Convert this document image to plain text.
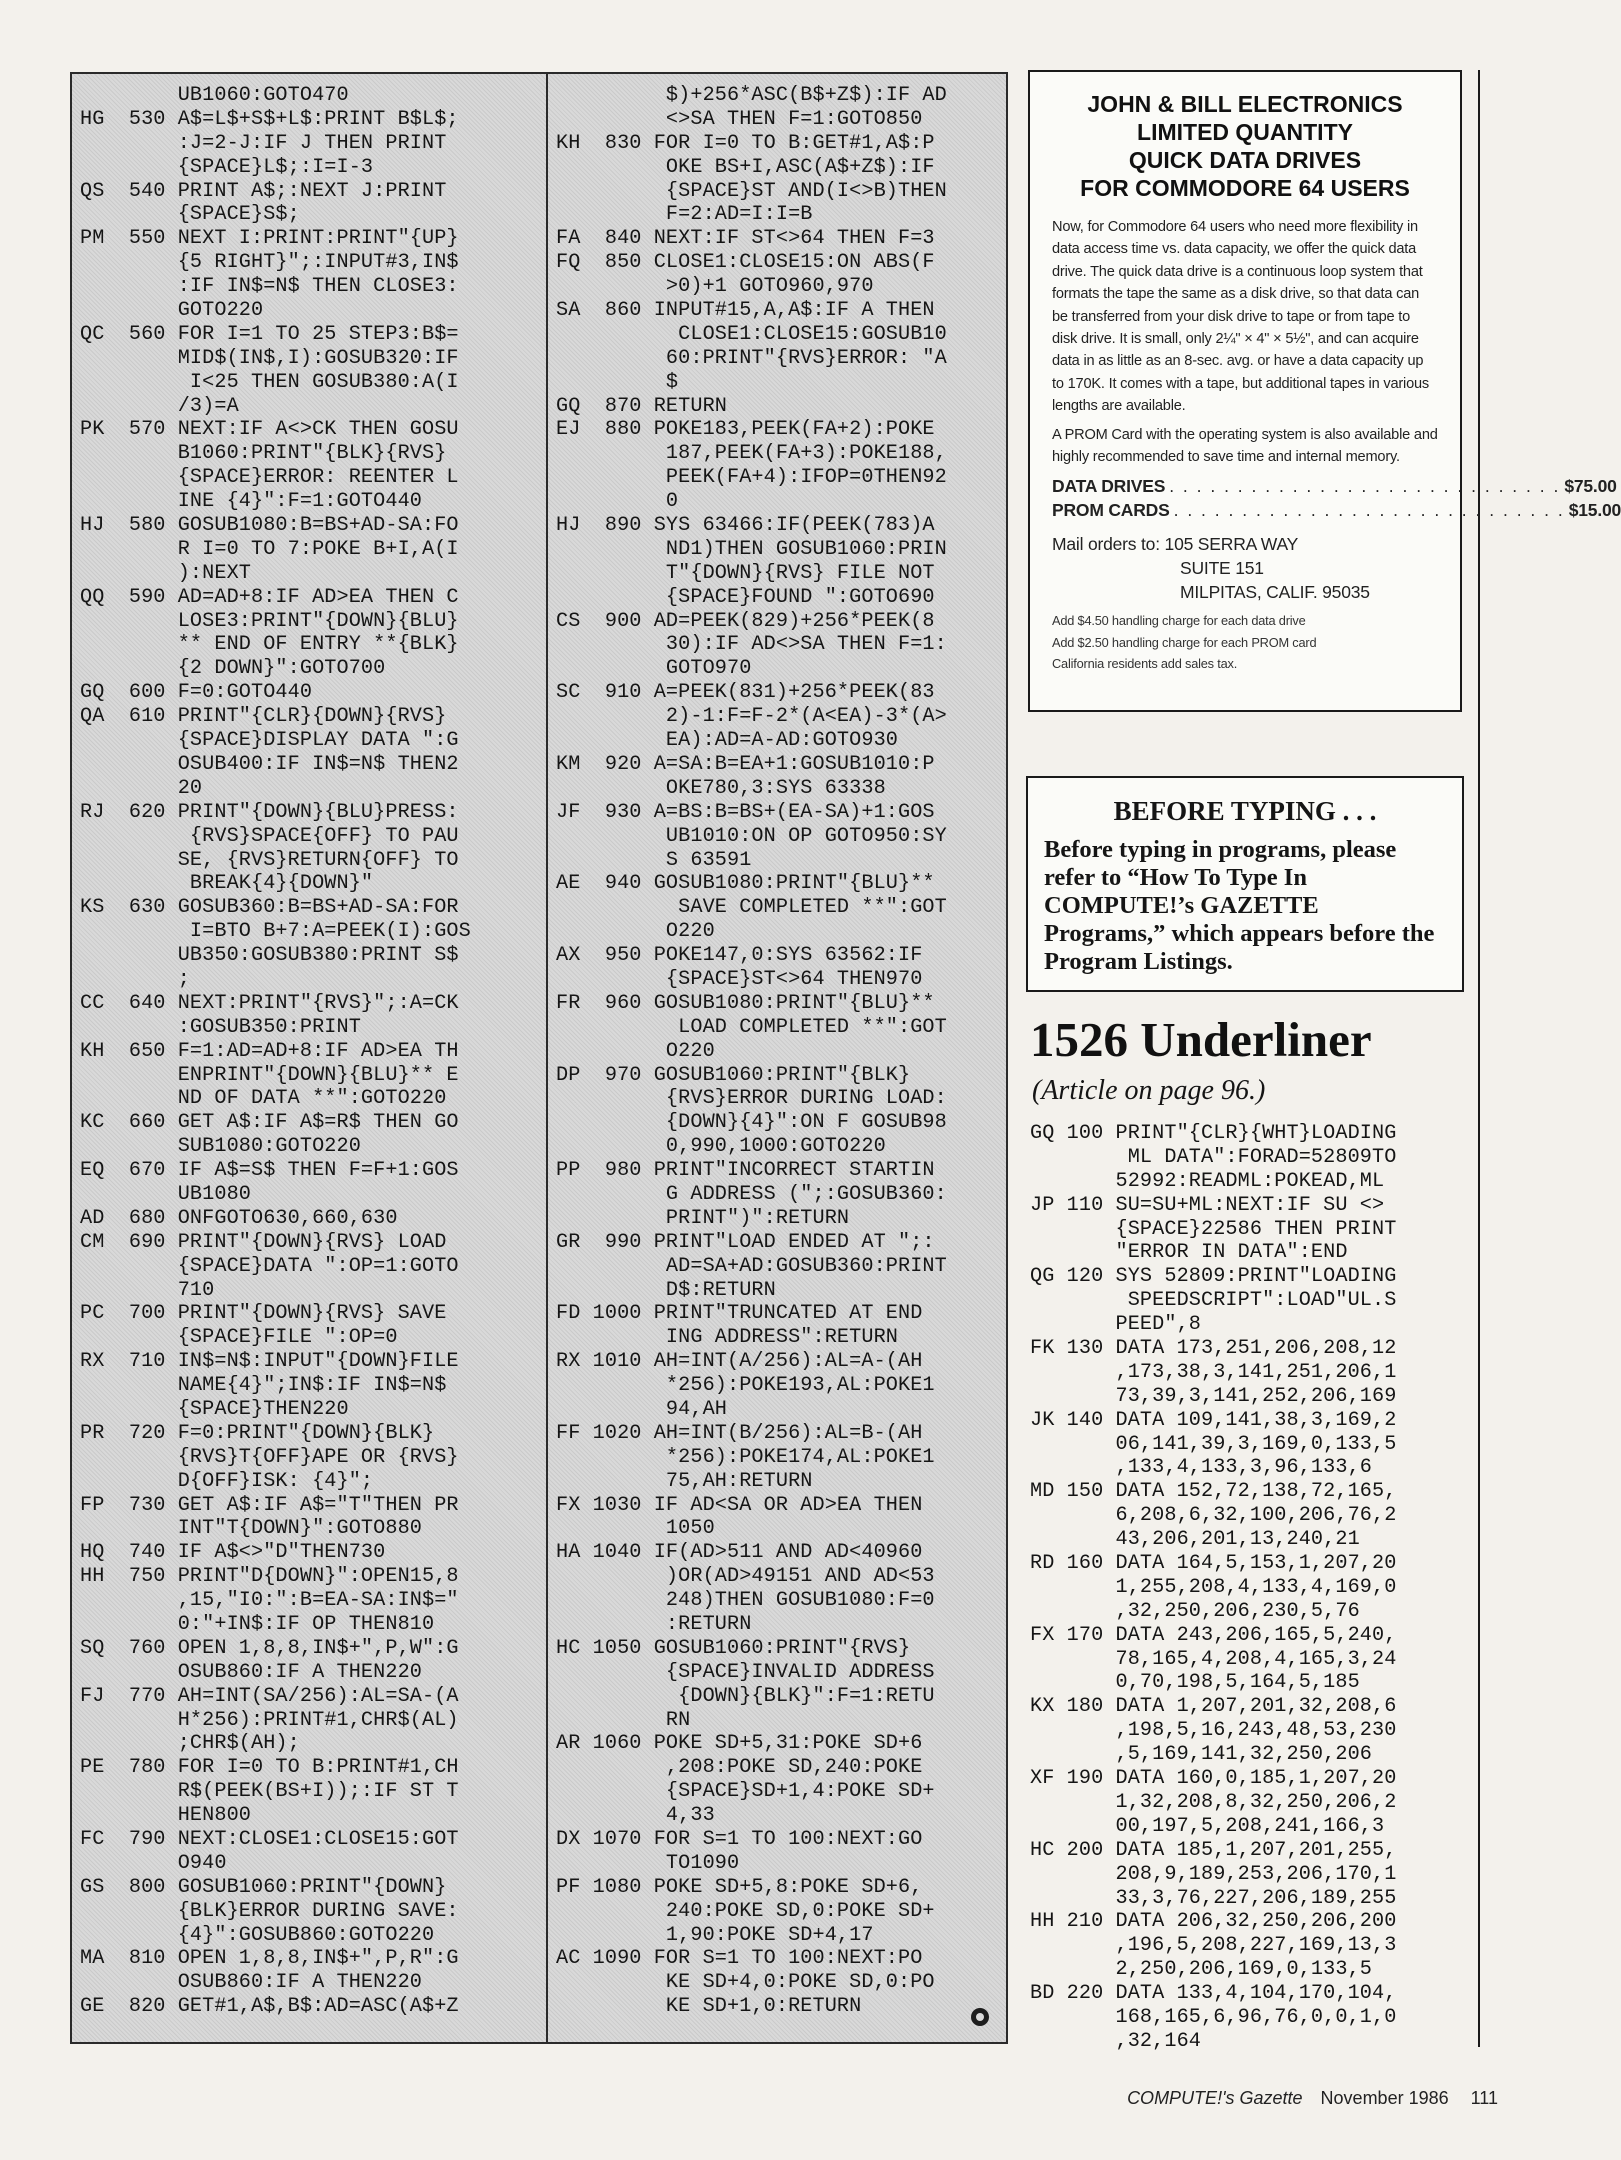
UB1060:GOTO470
HG  530 A$=L$+S$+L$:PRINT B$L$;
:J=2-J:IF J THEN PRINT
{SPACE}L$;:I=I-3
QS  540 PRINT A$;:NEXT J:PRINT
{SPACE}S$;
PM  550 NEXT I:PRINT:PRINT"{UP}
{5 RIGHT}";:INPUT#3,IN$
:IF IN$=N$ THEN CLOSE3:
GOTO220
QC  560 FOR I=1 TO 25 STEP3:B$=
MID$(IN$,I):GOSUB320:IF
I<25 THEN GOSUB380:A(I
/3)=A
PK  570 NEXT:IF A<>CK THEN GOSU
B1060:PRINT"{BLK}{RVS}
{SPACE}ERROR: REENTER L
INE {4}":F=1:GOTO440
HJ  580 GOSUB1080:B=BS+AD-SA:FO
R I=0 TO 7:POKE B+I,A(I
):NEXT
QQ  590 AD=AD+8:IF AD>EA THEN C
LOSE3:PRINT"{DOWN}{BLU}
** END OF ENTRY **{BLK}
{2 DOWN}":GOTO700
GQ  600 F=0:GOTO440
QA  610 PRINT"{CLR}{DOWN}{RVS}
{SPACE}DISPLAY DATA ":G
OSUB400:IF IN$=N$ THEN2
20
RJ  620 PRINT"{DOWN}{BLU}PRESS:
{RVS}SPACE{OFF} TO PAU
SE, {RVS}RETURN{OFF} TO
BREAK{4}{DOWN}"
KS  630 GOSUB360:B=BS+AD-SA:FOR
I=BTO B+7:A=PEEK(I):GOS
UB350:GOSUB380:PRINT S$
;
CC  640 NEXT:PRINT"{RVS}";:A=CK
:GOSUB350:PRINT
KH  650 F=1:AD=AD+8:IF AD>EA TH
ENPRINT"{DOWN}{BLU}** E
ND OF DATA **":GOTO220
KC  660 GET A$:IF A$=R$ THEN GO
SUB1080:GOTO220
EQ  670 IF A$=S$ THEN F=F+1:GOS
UB1080
AD  680 ONFGOTO630,660,630
CM  690 PRINT"{DOWN}{RVS} LOAD
{SPACE}DATA ":OP=1:GOTO
710
PC  700 PRINT"{DOWN}{RVS} SAVE
{SPACE}FILE ":OP=0
RX  710 IN$=N$:INPUT"{DOWN}FILE
NAME{4}";IN$:IF IN$=N$
{SPACE}THEN220
PR  720 F=0:PRINT"{DOWN}{BLK}
{RVS}T{OFF}APE OR {RVS}
D{OFF}ISK: {4}";
FP  730 GET A$:IF A$="T"THEN PR
INT"T{DOWN}":GOTO880
HQ  740 IF A$<>"D"THEN730
HH  750 PRINT"D{DOWN}":OPEN15,8
,15,"I0:":B=EA-SA:IN$="
0:"+IN$:IF OP THEN810
SQ  760 OPEN 1,8,8,IN$+",P,W":G
OSUB860:IF A THEN220
FJ  770 AH=INT(SA/256):AL=SA-(A
H*256):PRINT#1,CHR$(AL)
;CHR$(AH);
PE  780 FOR I=0 TO B:PRINT#1,CH
R$(PEEK(BS+I));:IF ST T
HEN800
FC  790 NEXT:CLOSE1:CLOSE15:GOT
O940
GS  800 GOSUB1060:PRINT"{DOWN}
{BLK}ERROR DURING SAVE:
{4}":GOSUB860:GOTO220
MA  810 OPEN 1,8,8,IN$+",P,R":G
OSUB860:IF A THEN220
GE  820 GET#1,A$,B$:AD=ASC(A$+Z
$)+256*ASC(B$+Z$):IF AD
<>SA THEN F=1:GOTO850
KH  830 FOR I=0 TO B:GET#1,A$:P
OKE BS+I,ASC(A$+Z$):IF
{SPACE}ST AND(I<>B)THEN
F=2:AD=I:I=B
FA  840 NEXT:IF ST<>64 THEN F=3
FQ  850 CLOSE1:CLOSE15:ON ABS(F
>0)+1 GOTO960,970
SA  860 INPUT#15,A,A$:IF A THEN
CLOSE1:CLOSE15:GOSUB10
60:PRINT"{RVS}ERROR: "A
$
GQ  870 RETURN
EJ  880 POKE183,PEEK(FA+2):POKE
187,PEEK(FA+3):POKE188,
PEEK(FA+4):IFOP=0THEN92
0
HJ  890 SYS 63466:IF(PEEK(783)A
ND1)THEN GOSUB1060:PRIN
T"{DOWN}{RVS} FILE NOT
{SPACE}FOUND ":GOTO690
CS  900 AD=PEEK(829)+256*PEEK(8
30):IF AD<>SA THEN F=1:
GOTO970
SC  910 A=PEEK(831)+256*PEEK(83
2)-1:F=F-2*(A<EA)-3*(A>
EA):AD=A-AD:GOTO930
KM  920 A=SA:B=EA+1:GOSUB1010:P
OKE780,3:SYS 63338
JF  930 A=BS:B=BS+(EA-SA)+1:GOS
UB1010:ON OP GOTO950:SY
S 63591
AE  940 GOSUB1080:PRINT"{BLU}**
SAVE COMPLETED **":GOT
O220
AX  950 POKE147,0:SYS 63562:IF
{SPACE}ST<>64 THEN970
FR  960 GOSUB1080:PRINT"{BLU}**
LOAD COMPLETED **":GOT
O220
DP  970 GOSUB1060:PRINT"{BLK}
{RVS}ERROR DURING LOAD:
{DOWN}{4}":ON F GOSUB98
0,990,1000:GOTO220
PP  980 PRINT"INCORRECT STARTIN
G ADDRESS (";:GOSUB360:
PRINT")":RETURN
GR  990 PRINT"LOAD ENDED AT ";:
AD=SA+AD:GOSUB360:PRINT
D$:RETURN
FD 1000 PRINT"TRUNCATED AT END
ING ADDRESS":RETURN
RX 1010 AH=INT(A/256):AL=A-(AH
*256):POKE193,AL:POKE1
94,AH
FF 1020 AH=INT(B/256):AL=B-(AH
*256):POKE174,AL:POKE1
75,AH:RETURN
FX 1030 IF AD<SA OR AD>EA THEN
1050
HA 1040 IF(AD>511 AND AD<40960
)OR(AD>49151 AND AD<53
248)THEN GOSUB1080:F=0
:RETURN
HC 1050 GOSUB1060:PRINT"{RVS}
{SPACE}INVALID ADDRESS
{DOWN}{BLK}":F=1:RETU
RN
AR 1060 POKE SD+5,31:POKE SD+6
,208:POKE SD,240:POKE
{SPACE}SD+1,4:POKE SD+
4,33
DX 1070 FOR S=1 TO 100:NEXT:GO
TO1090
PF 1080 POKE SD+5,8:POKE SD+6,
240:POKE SD,0:POKE SD+
1,90:POKE SD+4,17
AC 1090 FOR S=1 TO 100:NEXT:PO
KE SD+4,0:POKE SD,0:PO
KE SD+1,0:RETURN
JOHN & BILL ELECTRONICS
LIMITED QUANTITY
QUICK DATA DRIVES
FOR COMMODORE 64 USERS

Now, for Commodore 64 users who need more flexibility in data access time vs. data capacity, we offer the quick data drive. The quick data drive is a continuous loop system that formats the tape the same as a disk drive, so that data can be transferred from your disk drive to tape or from tape to disk drive. It is small, only 2¼" × 4" × 5½", and can acquire data in as little as an 8-sec. avg. or have a data capacity up to 170K. It comes with a tape, but additional tapes in various lengths are available.

A PROM Card with the operating system is also available and highly recommended to save time and internal memory.

DATA DRIVES . . . . . . . . . . . . . . . . . . . . . . . . . . . . . $75.00
PROM CARDS . . . . . . . . . . . . . . . . . . . . . . . . . . . . . $15.00
Mail orders to: 105 SERRA WAY
SUITE 151
MILPITAS, CALIF. 95035
Add $4.50 handling charge for each data drive
Add $2.50 handling charge for each PROM card
California residents add sales tax.
BEFORE TYPING . . .
Before typing in programs, please refer to “How To Type In COMPUTE!’s GAZETTE Programs,” which appears before the Program Listings.
1526 Underliner
(Article on page 96.)
GQ 100 PRINT"{CLR}{WHT}LOADING
ML DATA":FORAD=52809TO
52992:READML:POKEAD,ML
JP 110 SU=SU+ML:NEXT:IF SU <>
{SPACE}22586 THEN PRINT
"ERROR IN DATA":END
QG 120 SYS 52809:PRINT"LOADING
SPEEDSCRIPT":LOAD"UL.S
PEED",8
FK 130 DATA 173,251,206,208,12
,173,38,3,141,251,206,1
73,39,3,141,252,206,169
JK 140 DATA 109,141,38,3,169,2
06,141,39,3,169,0,133,5
,133,4,133,3,96,133,6
MD 150 DATA 152,72,138,72,165,
6,208,6,32,100,206,76,2
43,206,201,13,240,21
RD 160 DATA 164,5,153,1,207,20
1,255,208,4,133,4,169,0
,32,250,206,230,5,76
FX 170 DATA 243,206,165,5,240,
78,165,4,208,4,165,3,24
0,70,198,5,164,5,185
KX 180 DATA 1,207,201,32,208,6
,198,5,16,243,48,53,230
,5,169,141,32,250,206
XF 190 DATA 160,0,185,1,207,20
1,32,208,8,32,250,206,2
00,197,5,208,241,166,3
HC 200 DATA 185,1,207,201,255,
208,9,189,253,206,170,1
33,3,76,227,206,189,255
HH 210 DATA 206,32,250,206,200
,196,5,208,227,169,13,3
2,250,206,169,0,133,5
BD 220 DATA 133,4,104,170,104,
168,165,6,96,76,0,0,1,0
,32,164
COMPUTE!'s Gazette November 1986 111
